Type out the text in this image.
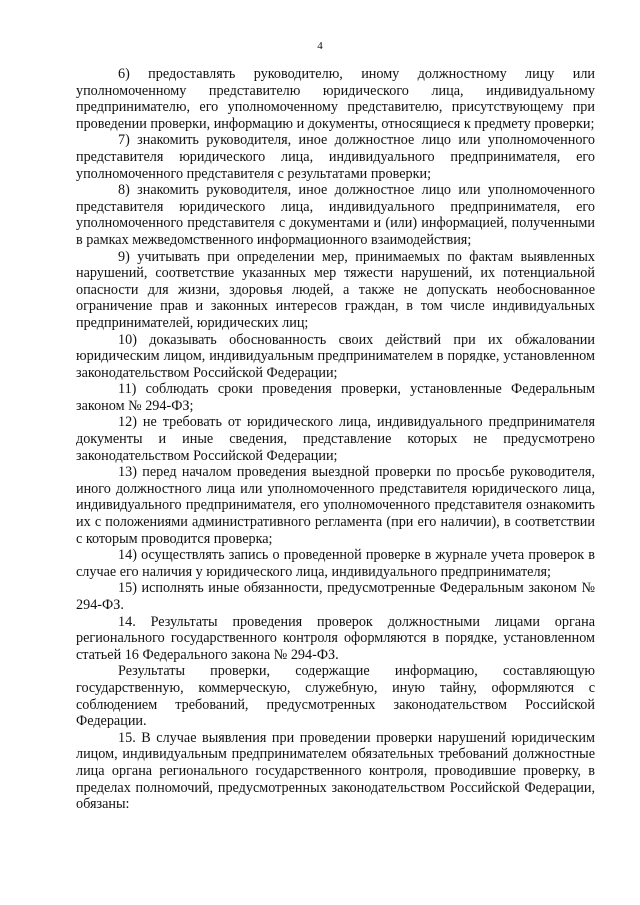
4

6) предоставлять руководителю, иному должностному лицу или уполномоченному представителю юридического лица, индивидуальному предпринимателю, его уполномоченному представителю, присутствующему при проведении проверки, информацию и документы, относящиеся к предмету проверки;

7) знакомить руководителя, иное должностное лицо или уполномоченного представителя юридического лица, индивидуального предпринимателя, его уполномоченного представителя с результатами проверки;

8) знакомить руководителя, иное должностное лицо или уполномоченного представителя юридического лица, индивидуального предпринимателя, его уполномоченного представителя с документами и (или) информацией, полученными в рамках межведомственного информационного взаимодействия;

9) учитывать при определении мер, принимаемых по фактам выявленных нарушений, соответствие указанных мер тяжести нарушений, их потенциальной опасности для жизни, здоровья людей, а также не допускать необоснованное ограничение прав и законных интересов граждан, в том числе индивидуальных предпринимателей, юридических лиц;

10) доказывать обоснованность своих действий при их обжаловании юридическим лицом, индивидуальным предпринимателем в порядке, установленном законодательством Российской Федерации;

11) соблюдать сроки проведения проверки, установленные Федеральным законом № 294-ФЗ;

12) не требовать от юридического лица, индивидуального предпринимателя документы и иные сведения, представление которых не предусмотрено законодательством Российской Федерации;

13) перед началом проведения выездной проверки по просьбе руководителя, иного должностного лица или уполномоченного представителя юридического лица, индивидуального предпринимателя, его уполномоченного представителя ознакомить их с положениями административного регламента (при его наличии), в соответствии с которым проводится проверка;

14) осуществлять запись о проведенной проверке в журнале учета проверок в случае его наличия у юридического лица, индивидуального предпринимателя;

15) исполнять иные обязанности, предусмотренные Федеральным законом № 294-ФЗ.

14. Результаты проведения проверок должностными лицами органа регионального государственного контроля оформляются в порядке, установленном статьей 16 Федерального закона № 294-ФЗ.

Результаты проверки, содержащие информацию, составляющую государственную, коммерческую, служебную, иную тайну, оформляются с соблюдением требований, предусмотренных законодательством Российской Федерации.

15. В случае выявления при проведении проверки нарушений юридическим лицом, индивидуальным предпринимателем обязательных требований должностные лица органа регионального государственного контроля, проводившие проверку, в пределах полномочий, предусмотренных законодательством Российской Федерации, обязаны:
